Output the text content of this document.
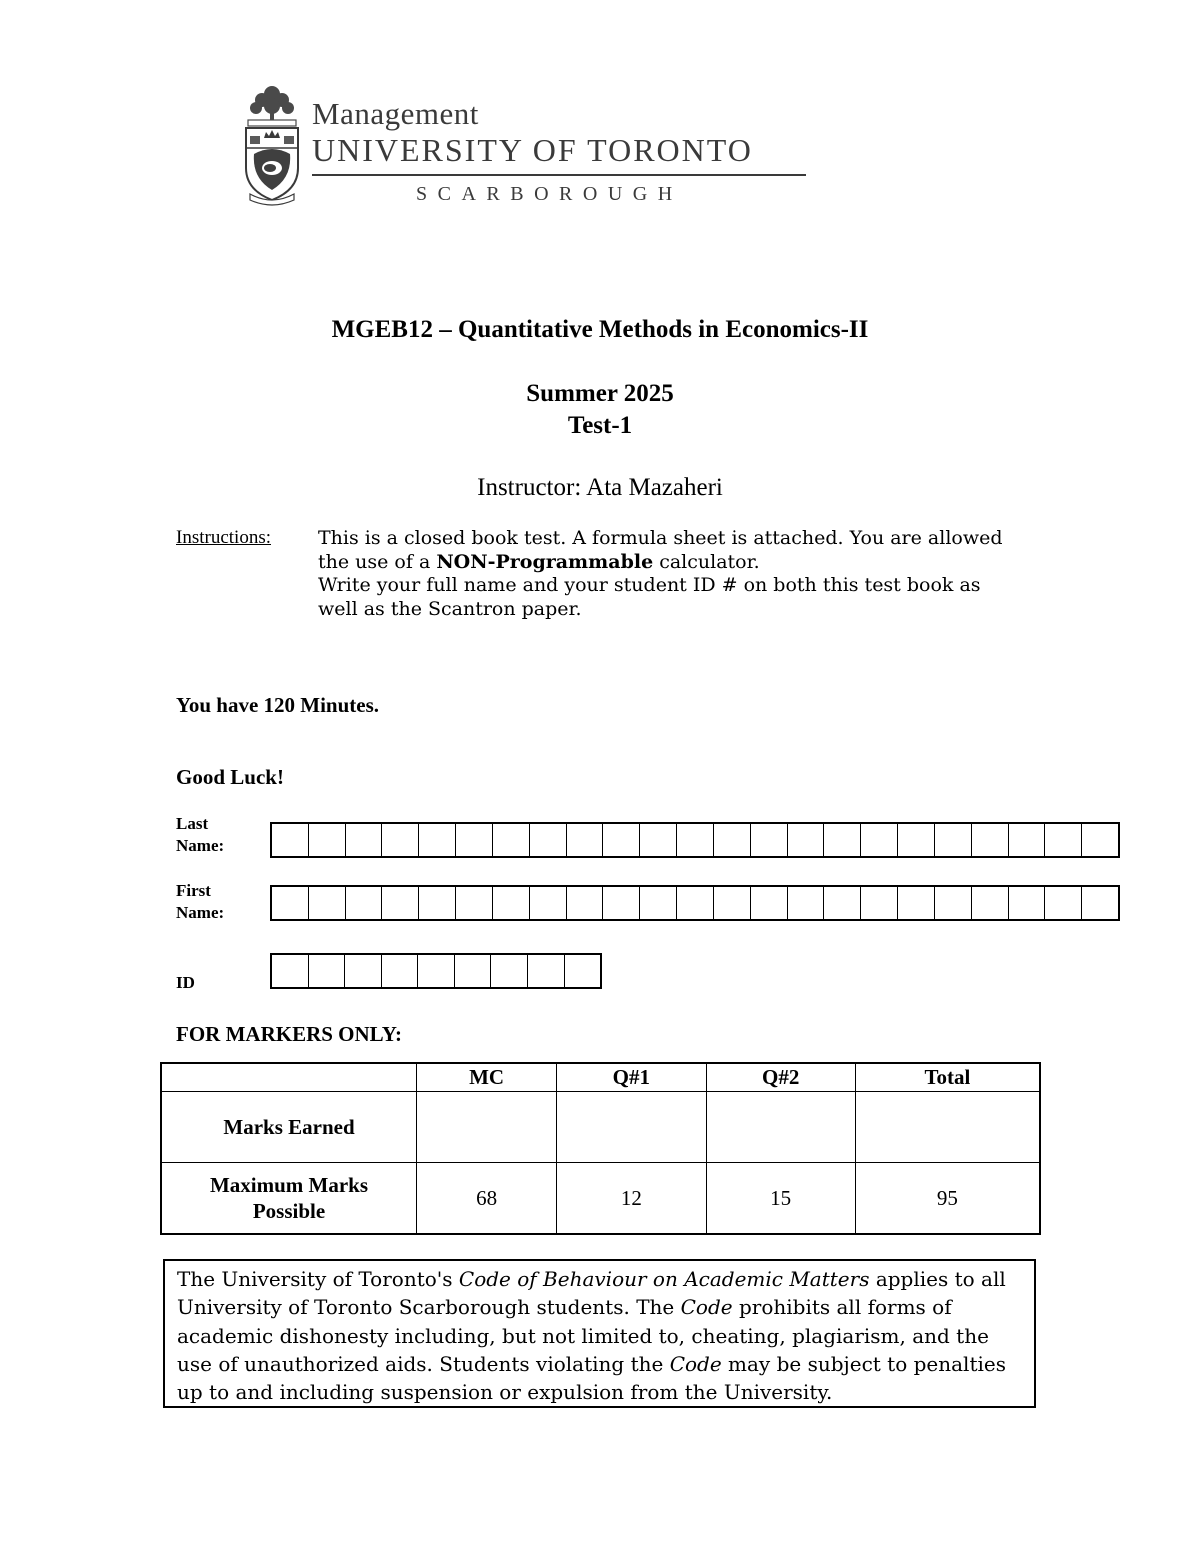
Management
UNIVERSITY OF TORONTO
SCARBOROUGH
MGEB12 – Quantitative Methods in Economics-II
Summer 2025
Test-1
Instructor: Ata Mazaheri
Instructions: This is a closed book test. A formula sheet is attached. You are allowed the use of a NON-Programmable calculator.

Write your full name and your student ID # on both this test book as well as the Scantron paper.

You have 120 Minutes.
Good Luck!
Last
Name:
First
Name:
ID
FOR MARKERS ONLY:
	MC	Q#1	Q#2	Total
Marks Earned				

Maximum Marks
Possible	68	12	15	95
The University of Toronto's Code of Behaviour on Academic Matters applies to all University of Toronto Scarborough students. The Code prohibits all forms of academic dishonesty including, but not limited to, cheating, plagiarism, and the use of unauthorized aids. Students violating the Code may be subject to penalties up to and including suspension or expulsion from the University.
